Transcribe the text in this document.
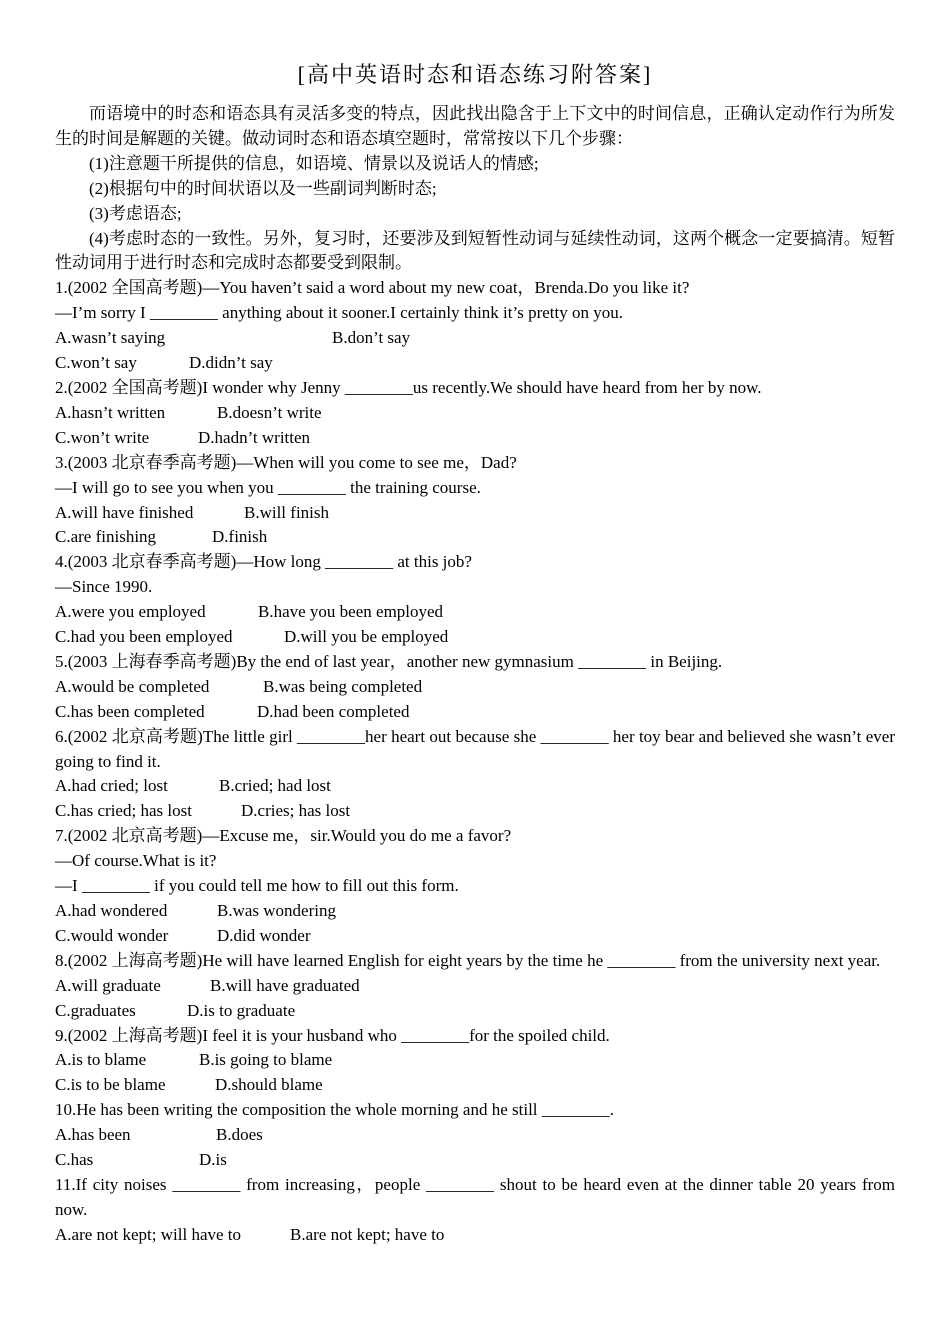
[高中英语时态和语态练习附答案]

而语境中的时态和语态具有灵活多变的特点，因此找出隐含于上下文中的时间信息，正确认定动作行为所发生的时间是解题的关键。做动词时态和语态填空题时，常常按以下几个步骤：

(1)注意题干所提供的信息，如语境、情景以及说话人的情感;

(2)根据句中的时间状语以及一些副词判断时态;

(3)考虑语态;

(4)考虑时态的一致性。另外，复习时，还要涉及到短暂性动词与延续性动词，这两个概念一定要搞清。短暂性动词用于进行时态和完成时态都要受到限制。

1.(2002 全国高考题)—You haven’t said a word about my new coat，Brenda.Do you like it?

—I’m sorry I ________ anything about it sooner.I certainly think it’s pretty on you.

A.wasn’t saying	B.don’t say
C.won’t say	D.didn’t say

2.(2002 全国高考题)I wonder why Jenny ________us recently.We should have heard from her by now.

A.hasn’t written	B.doesn’t write
C.won’t write	D.hadn’t written

3.(2003 北京春季高考题)—When will you come to see me，Dad?

—I will go to see you when you ________ the training course.

A.will have finished	B.will finish
C.are finishing	D.finish

4.(2003 北京春季高考题)—How long ________ at this job?

—Since 1990.

A.were you employed	B.have you been employed
C.had you been employed	D.will you be employed

5.(2003 上海春季高考题)By the end of last year，another new gymnasium ________ in Beijing.

A.would be completed	B.was being completed
C.has been completed	D.had been completed

6.(2002 北京高考题)The little girl ________her heart out because she ________ her toy bear and believed she wasn’t ever going to find it.

A.had cried; lost	B.cried; had lost
C.has cried; has lost	D.cries; has lost

7.(2002 北京高考题)—Excuse me，sir.Would you do me a favor?

—Of course.What is it?

—I ________ if you could tell me how to fill out this form.

A.had wondered	B.was wondering
C.would wonder	D.did wonder

8.(2002 上海高考题)He will have learned English for eight years by the time he ________ from the university next year.

A.will graduate	B.will have graduated
C.graduates	D.is to graduate

9.(2002 上海高考题)I feel it is your husband who ________for the spoiled child.

A.is to blame	B.is going to blame
C.is to be blame	D.should blame

10.He has been writing the composition the whole morning and he still ________.

A.has been	B.does
C.has	D.is

11.If city noises ________ from increasing，people ________ shout to be heard even at the dinner table 20 years from now.

A.are not kept; will have to	B.are not kept; have to
